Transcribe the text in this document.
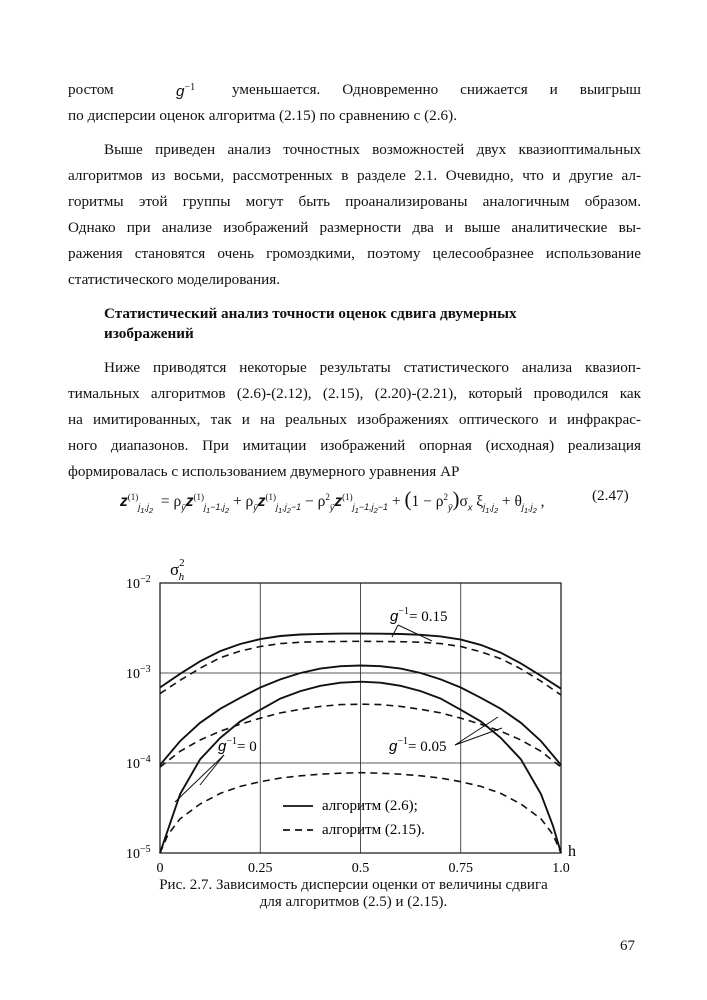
ростом	$g^{-1}$ уменьшается. Одновременно снижается и выигрыш
по дисперсии оценок алгоритма (2.15) по сравнению с (2.6).
Выше приведен анализ точностных возможностей двух квазиоптимальных
алгоритмов из восьми, рассмотренных в разделе 2.1. Очевидно, что и другие ал-
горитмы этой группы могут быть проанализированы аналогичным образом.
Однако при анализе изображений размерности два и выше аналитические вы-
ражения становятся очень громоздкими, поэтому целесообразнее использование
статистического моделирования.
Статистический анализ точности оценок сдвига двумерных
изображений
Ниже приводятся некоторые результаты статистического анализа квазиоп-
тимальных алгоритмов (2.6)-(2.12), (2.15), (2.20)-(2.21), который проводился как
на имитированных, так и на реальных изображениях оптического и инфракрас-
ного диапазонов. При имитации изображений опорная (исходная) реализация
формировалась с использованием двумерного уравнения АР
$z^{(1)}_{j_1,j_2} = \rho_ÿz^{(1)}_{j_1-1,j_2} + \rho_ÿz^{(1)}_{j_1,j_2-1} - \rho^2_ÿz^{(1)}_{j_1-1,j_2-1} + (1 - \rho^2_ÿ)\sigma_x$ $\xi_{j_1,j_2} + \theta_{j_1,j_2}$ ,	(2.47)
0	0.25	0.5	0.75	1.0
$10^{-2}$
$10^{-3}$
$10^{-4}$
$10^{-5}$
$\sigma^2$ h
h
$g^{-1}= 0.15$
$g^{-1}= 0$	$g^{-1}= 0.05$
алгоритм (2.6);
алгоритм (2.15).
Рис. 2.7. Зависимость дисперсии оценки от величины сдвига
для алгоритмов (2.5) и (2.15).
67
